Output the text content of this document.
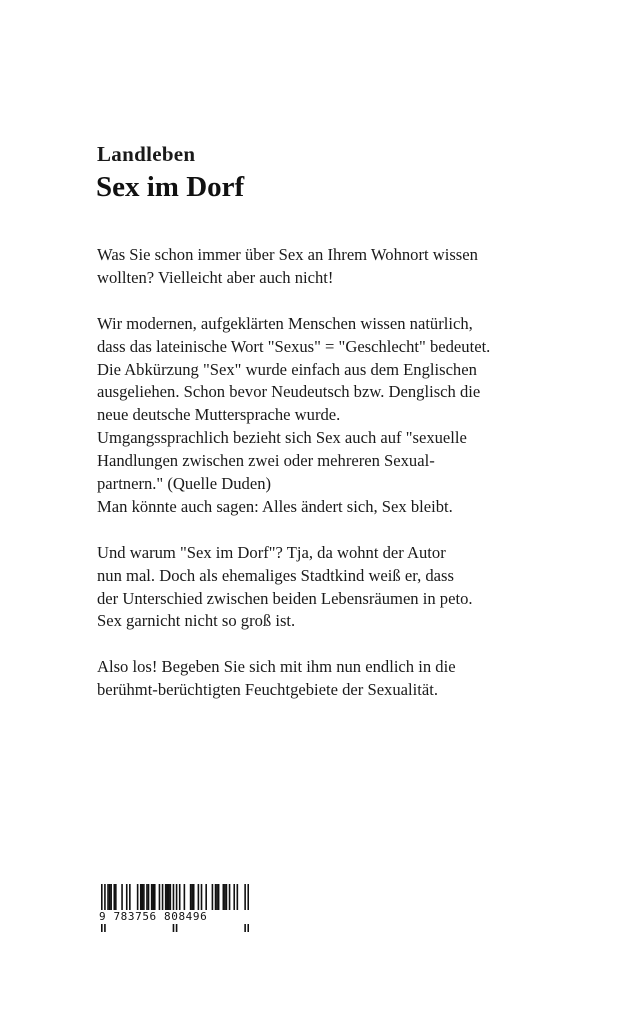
Landleben
Sex im Dorf

Was Sie schon immer über Sex an Ihrem Wohnort wissen
wollten? Vielleicht aber auch nicht!

Wir modernen, aufgeklärten Menschen wissen natürlich,
dass das lateinische Wort "Sexus" = "Geschlecht" bedeutet.
Die Abkürzung "Sex" wurde einfach aus dem Englischen
ausgeliehen. Schon bevor Neudeutsch bzw. Denglisch die
neue deutsche Muttersprache wurde.
Umgangssprachlich bezieht sich Sex auch auf "sexuelle
Handlungen zwischen zwei oder mehreren Sexual-
partnern." (Quelle Duden)
Man könnte auch sagen: Alles ändert sich, Sex bleibt.

Und warum "Sex im Dorf"? Tja, da wohnt der Autor
nun mal. Doch als ehemaliges Stadtkind weiß er, dass
der Unterschied zwischen beiden Lebensräumen in peto.
Sex garnicht nicht so groß ist.

Also los! Begeben Sie sich mit ihm nun endlich in die
berühmt-berüchtigten Feuchtgebiete der Sexualität.

9 783756 808496
